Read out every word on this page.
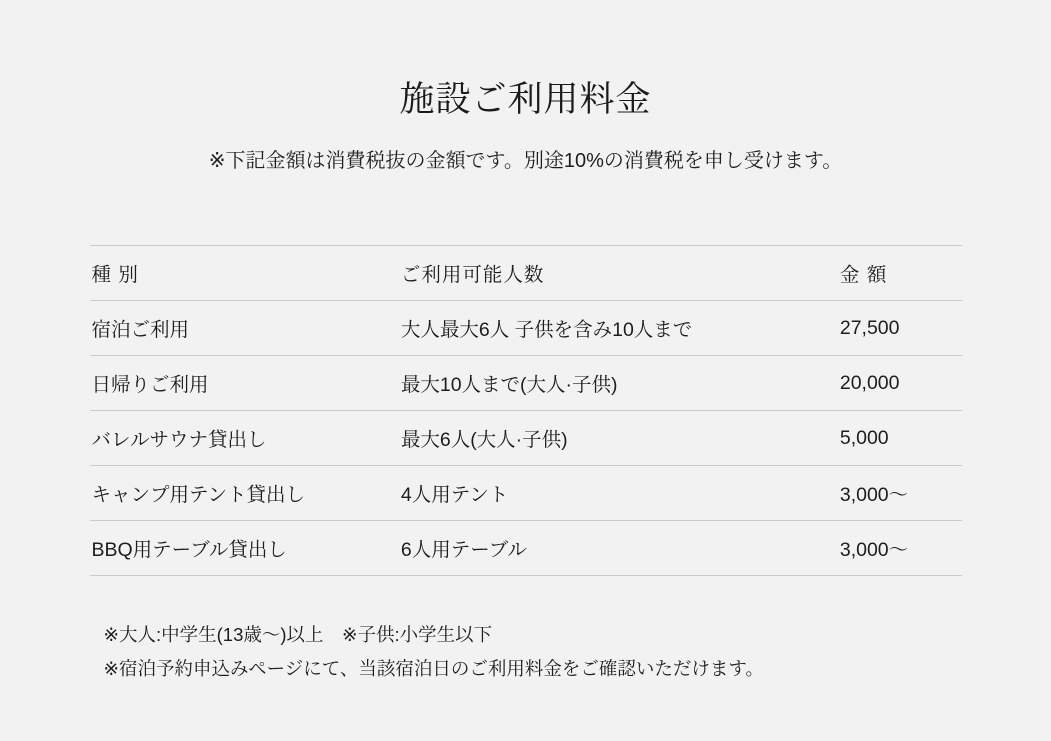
施設ご利用料金

※下記金額は消費税抜の金額です。別途10%の消費税を申し受けます。

種 別	ご利用可能人数	金 額
宿泊ご利用	大人最大6人 子供を含み10人まで	27,500
日帰りご利用	最大10人まで(大人·子供)	20,000
バレルサウナ貸出し	最大6人(大人·子供)	5,000
キャンプ用テント貸出し	4人用テント	3,000〜
BBQ用テーブル貸出し	6人用テーブル	3,000〜
※大人:中学生(13歳〜)以上　※子供:小学生以下
※宿泊予約申込みページにて、当該宿泊日のご利用料金をご確認いただけます。
